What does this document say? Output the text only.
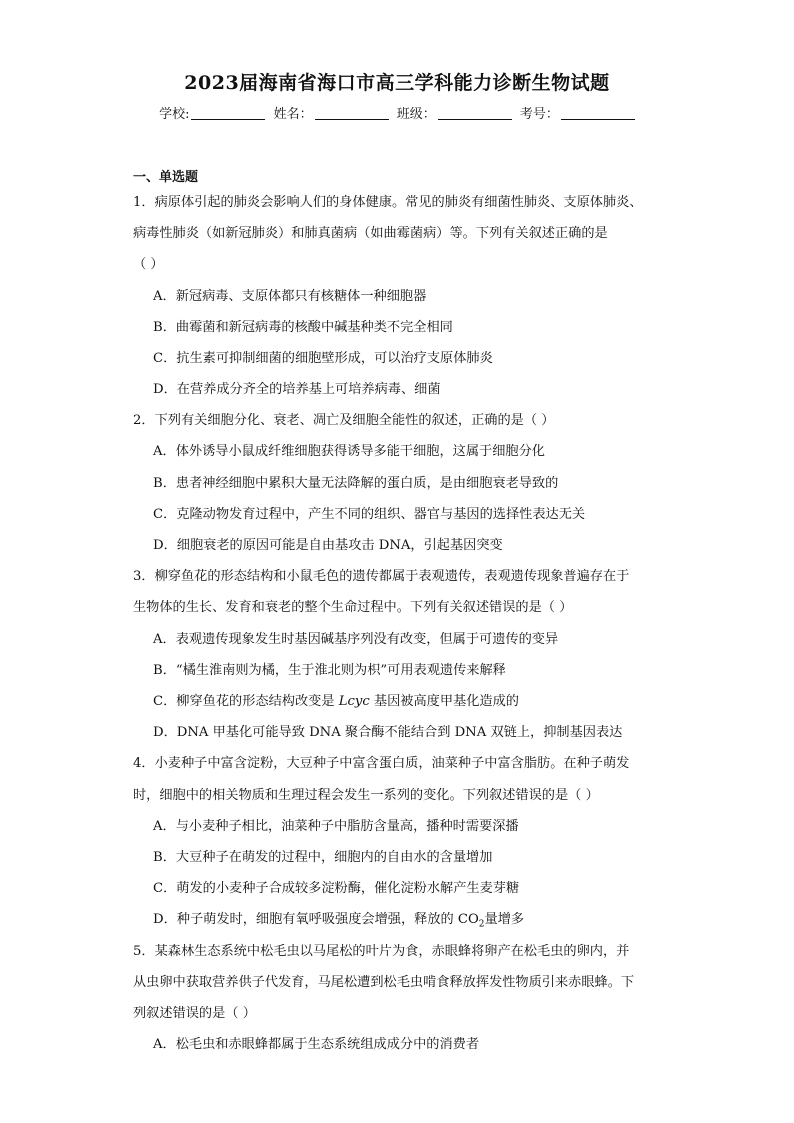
2023届海南省海口市高三学科能力诊断生物试题
学校:	姓名：	班级：	考号：
一、单选题
1．病原体引起的肺炎会影响人们的身体健康。常见的肺炎有细菌性肺炎、支原体肺炎、
病毒性肺炎（如新冠肺炎）和肺真菌病（如曲霉菌病）等。下列有关叙述正确的是
（ ）
A．新冠病毒、支原体都只有核糖体一种细胞器
B．曲霉菌和新冠病毒的核酸中碱基种类不完全相同
C．抗生素可抑制细菌的细胞壁形成，可以治疗支原体肺炎
D．在营养成分齐全的培养基上可培养病毒、细菌
2．下列有关细胞分化、衰老、凋亡及细胞全能性的叙述，正确的是（ ）
A．体外诱导小鼠成纤维细胞获得诱导多能干细胞，这属于细胞分化
B．患者神经细胞中累积大量无法降解的蛋白质，是由细胞衰老导致的
C．克隆动物发育过程中，产生不同的组织、器官与基因的选择性表达无关
D．细胞衰老的原因可能是自由基攻击 DNA，引起基因突变
3．柳穿鱼花的形态结构和小鼠毛色的遗传都属于表观遗传，表观遗传现象普遍存在于
生物体的生长、发育和衰老的整个生命过程中。下列有关叙述错误的是（ ）
A．表观遗传现象发生时基因碱基序列没有改变，但属于可遗传的变异
B．“橘生淮南则为橘，生于淮北则为枳”可用表观遗传来解释
C．柳穿鱼花的形态结构改变是 Lcyc 基因被高度甲基化造成的
D．DNA 甲基化可能导致 DNA 聚合酶不能结合到 DNA 双链上，抑制基因表达
4．小麦种子中富含淀粉，大豆种子中富含蛋白质，油菜种子中富含脂肪。在种子萌发
时，细胞中的相关物质和生理过程会发生一系列的变化。下列叙述错误的是（ ）
A．与小麦种子相比，油菜种子中脂肪含量高，播种时需要深播
B．大豆种子在萌发的过程中，细胞内的自由水的含量增加
C．萌发的小麦种子合成较多淀粉酶，催化淀粉水解产生麦芽糖
D．种子萌发时，细胞有氧呼吸强度会增强，释放的 $CO_2$量增多
5．某森林生态系统中松毛虫以马尾松的叶片为食，赤眼蜂将卵产在松毛虫的卵内，并
从虫卵中获取营养供子代发育，马尾松遭到松毛虫啃食释放挥发性物质引来赤眼蜂。下
列叙述错误的是（ ）
A．松毛虫和赤眼蜂都属于生态系统组成成分中的消费者
